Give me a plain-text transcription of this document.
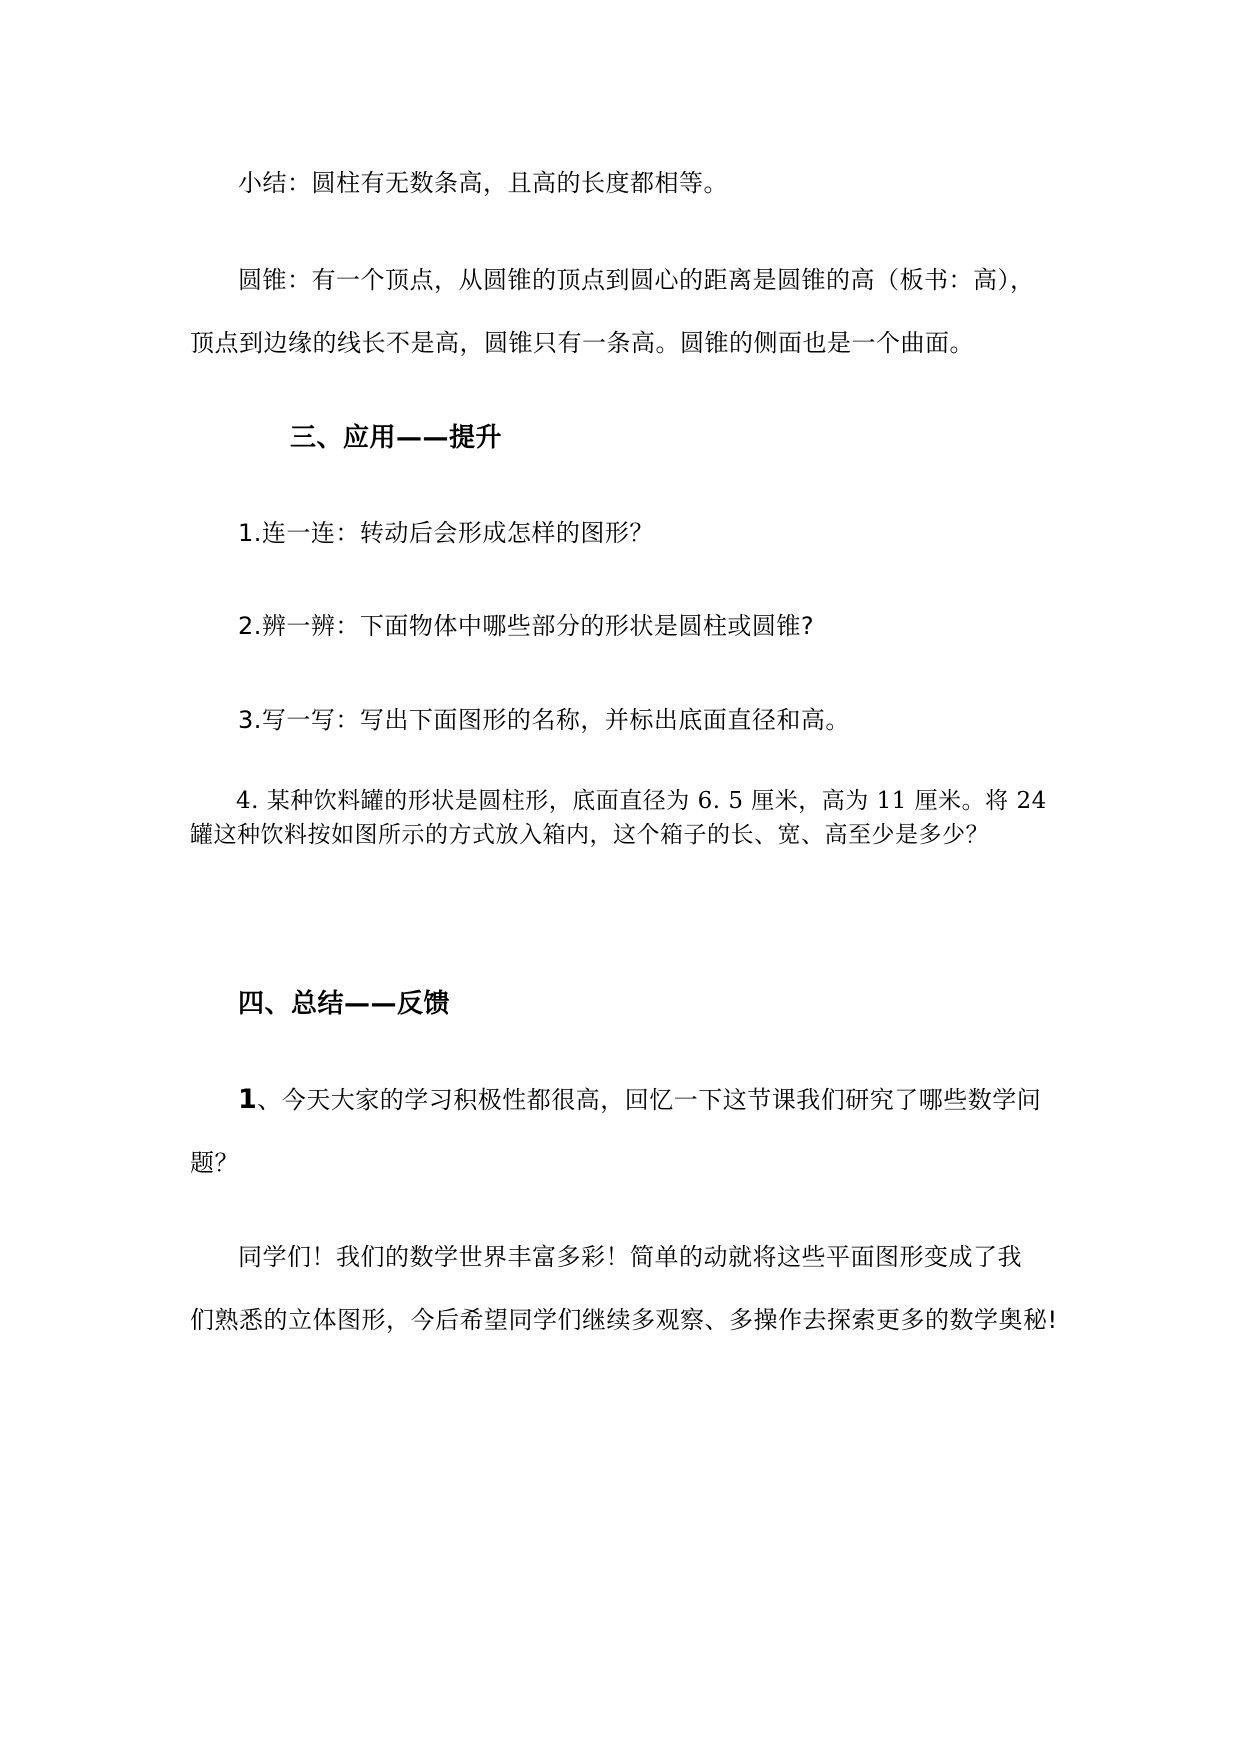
小结：圆柱有无数条高，且高的长度都相等。
圆锥：有一个顶点，从圆锥的顶点到圆心的距离是圆锥的高（板书：高），
顶点到边缘的线长不是高，圆锥只有一条高。圆锥的侧面也是一个曲面。
三、应用——提升
1.连一连：转动后会形成怎样的图形？
2.辨一辨：下面物体中哪些部分的形状是圆柱或圆锥?
3.写一写：写出下面图形的名称，并标出底面直径和高。
4. 某种饮料罐的形状是圆柱形，底面直径为 6. 5 厘米，高为 11 厘米。将 24
罐这种饮料按如图所示的方式放入箱内，这个箱子的长、宽、高至少是多少？
四、总结——反馈
1、今天大家的学习积极性都很高，回忆一下这节课我们研究了哪些数学问
题？
同学们！我们的数学世界丰富多彩！简单的动就将这些平面图形变成了我
们熟悉的立体图形，今后希望同学们继续多观察、多操作去探索更多的数学奥秘!
